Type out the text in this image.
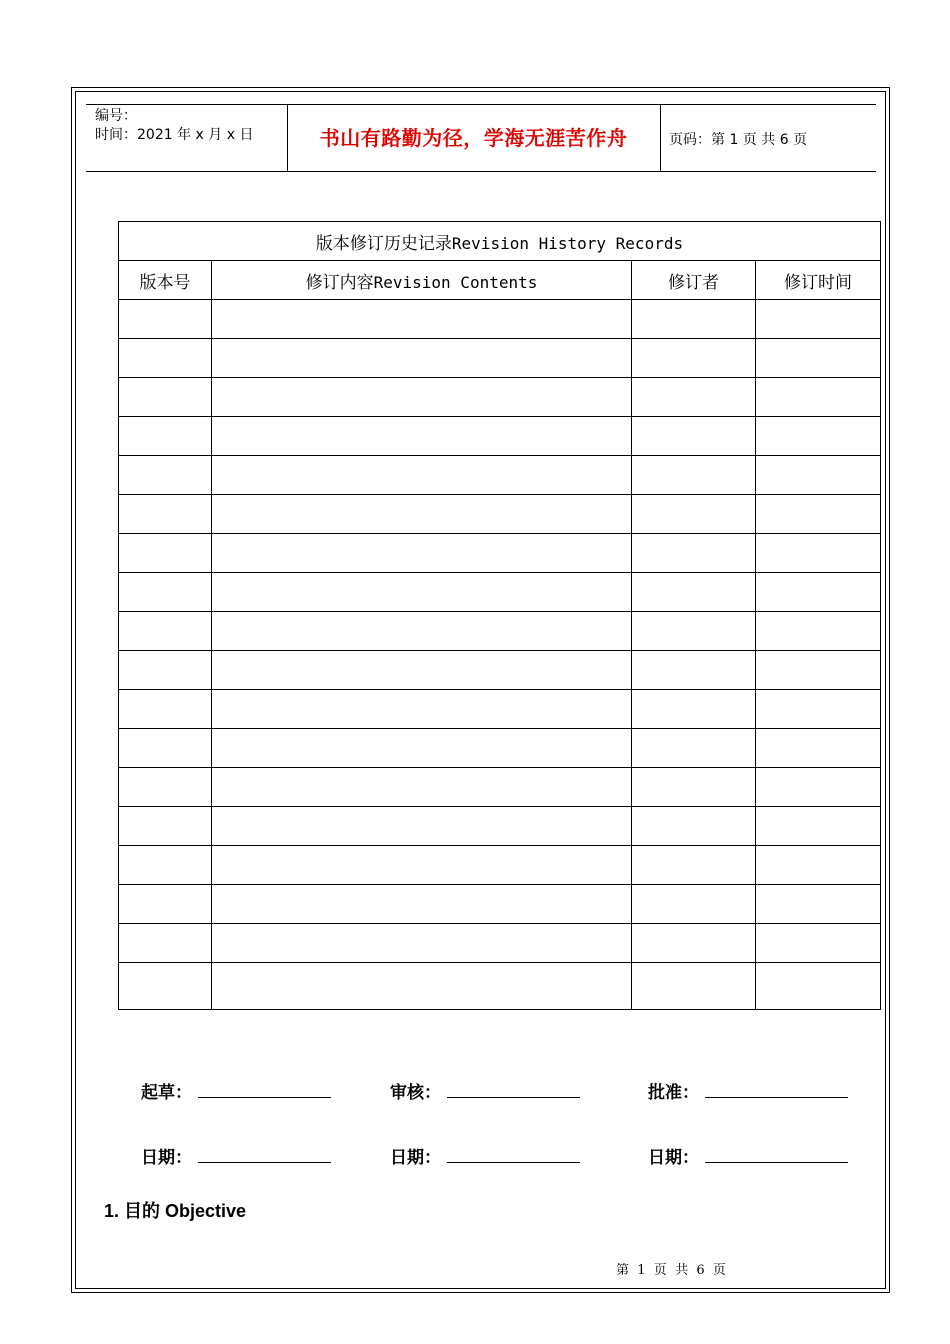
编号：
时间：2021 年 x 月 x 日	书山有路勤为径，学海无涯苦作舟	页码：第 1 页 共 6 页
版本修订历史记录Revision History Records			
版本号	修订内容Revision Contents	修订者	修订时间

起草：	审核：	批准：
日期：	日期：	日期：
1. 目的 Objective
第  1  页  共  6  页
